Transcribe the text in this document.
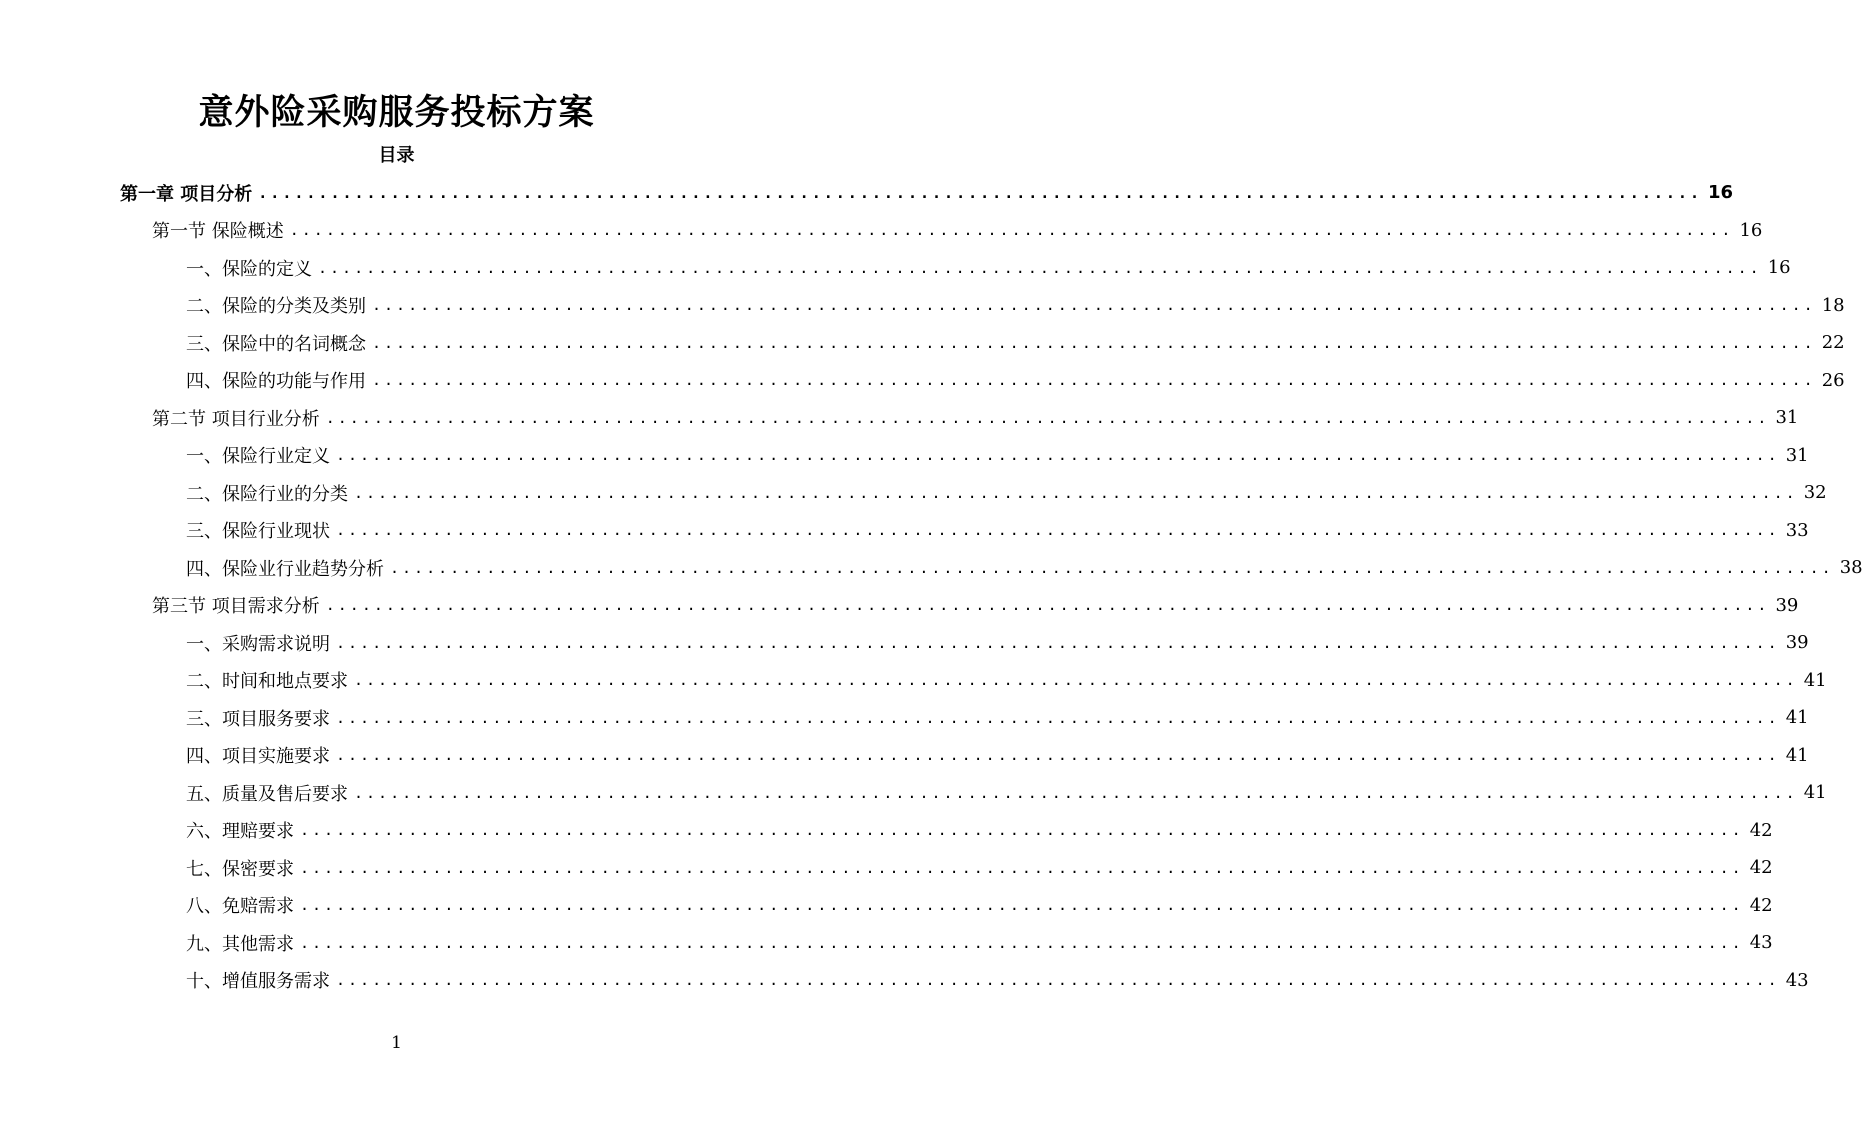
意外险采购服务投标方案
目录
第一章 项目分析 ........................................................................................................................ 16
第一节 保险概述 ........................................................................................................................ 16
一、保险的定义 ........................................................................................................................ 16
二、保险的分类及类别 ........................................................................................................................ 18
三、保险中的名词概念 ........................................................................................................................ 22
四、保险的功能与作用 ........................................................................................................................ 26
第二节 项目行业分析 ........................................................................................................................ 31
一、保险行业定义 ........................................................................................................................ 31
二、保险行业的分类 ........................................................................................................................ 32
三、保险行业现状 ........................................................................................................................ 33
四、保险业行业趋势分析 ........................................................................................................................ 38
第三节 项目需求分析 ........................................................................................................................ 39
一、采购需求说明 ........................................................................................................................ 39
二、时间和地点要求 ........................................................................................................................ 41
三、项目服务要求 ........................................................................................................................ 41
四、项目实施要求 ........................................................................................................................ 41
五、质量及售后要求 ........................................................................................................................ 41
六、理赔要求 ........................................................................................................................ 42
七、保密要求 ........................................................................................................................ 42
八、免赔需求 ........................................................................................................................ 42
九、其他需求 ........................................................................................................................ 43
十、增值服务需求 ........................................................................................................................ 43
1
